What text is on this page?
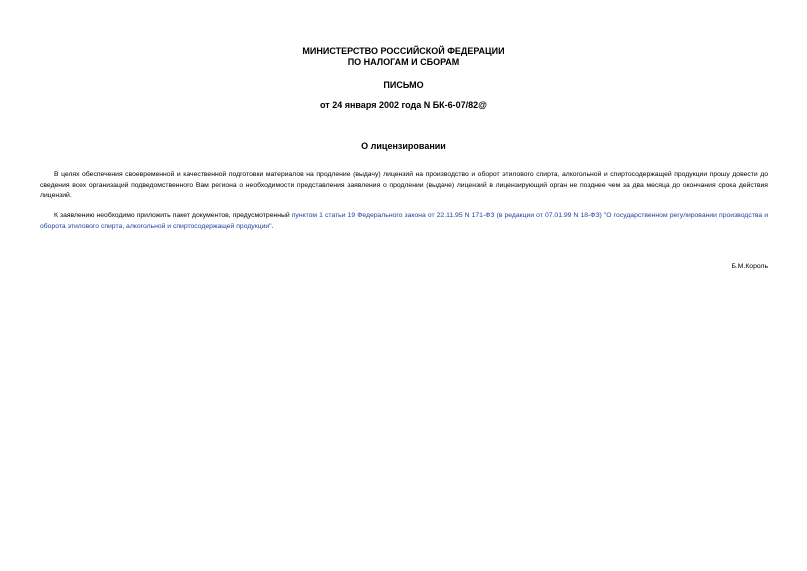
МИНИСТЕРСТВО РОССИЙСКОЙ ФЕДЕРАЦИИ
ПО НАЛОГАМ И СБОРАМ
ПИСЬМО
от 24 января 2002 года N БК-6-07/82@
О лицензировании

В целях обеспечения своевременной и качественной подготовки материалов на продление (выдачу) лицензий на производство и оборот этилового спирта, алкогольной и спиртосодержащей продукции прошу довести до сведения всех организаций подведомственного Вам региона о необходимости представления заявления о продлении (выдаче) лицензий в лицензирующий орган не позднее чем за два месяца до окончания срока действия лицензий.

К заявлению необходимо приложить пакет документов, предусмотренный пунктом 1 статьи 19 Федерального закона от 22.11.95 N 171-ФЗ (в редакции от 07.01.99 N 18-ФЗ) "О государственном регулировании производства и оборота этилового спирта, алкогольной и спиртосодержащей продукции".

Б.М.Король
